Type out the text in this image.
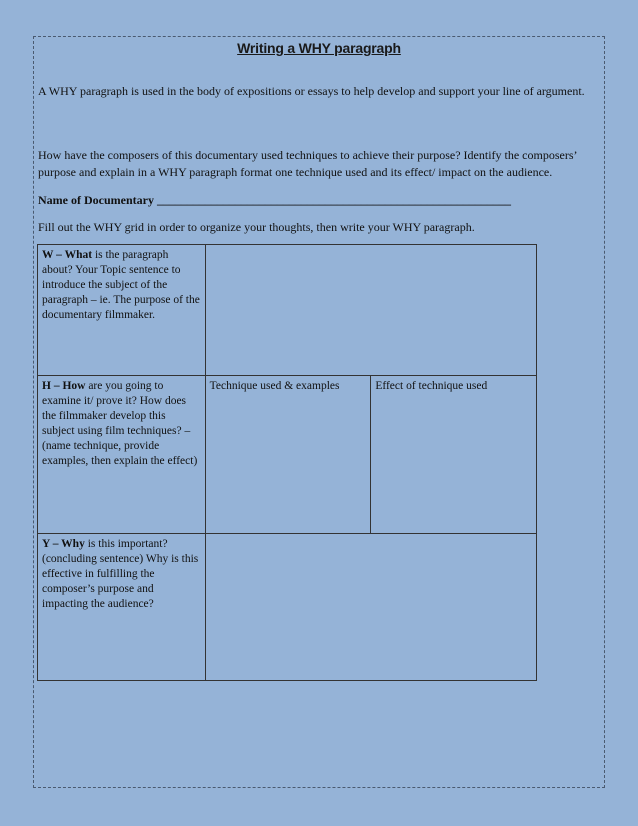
Writing a WHY paragraph
A WHY paragraph is used in the body of expositions or essays to help develop and support your line of argument.
How have the composers of this documentary used techniques to achieve their purpose? Identify the composers’ purpose and explain in a WHY paragraph format one technique used and its effect/ impact on the audience.
Name of Documentary ___________________________________________________________
Fill out the WHY grid in order to organize your thoughts, then write your WHY paragraph.
W – What is the paragraph about? Your Topic sentence to introduce the subject of the paragraph – ie. The purpose of the documentary filmmaker.		
H – How are you going to examine it/ prove it? How does the filmmaker develop this subject using film techniques? –(name technique, provide examples, then explain the effect)	Technique used & examples	Effect of technique used
Y – Why is this important? (concluding sentence) Why is this effective in fulfilling the composer’s purpose and impacting the audience?		
